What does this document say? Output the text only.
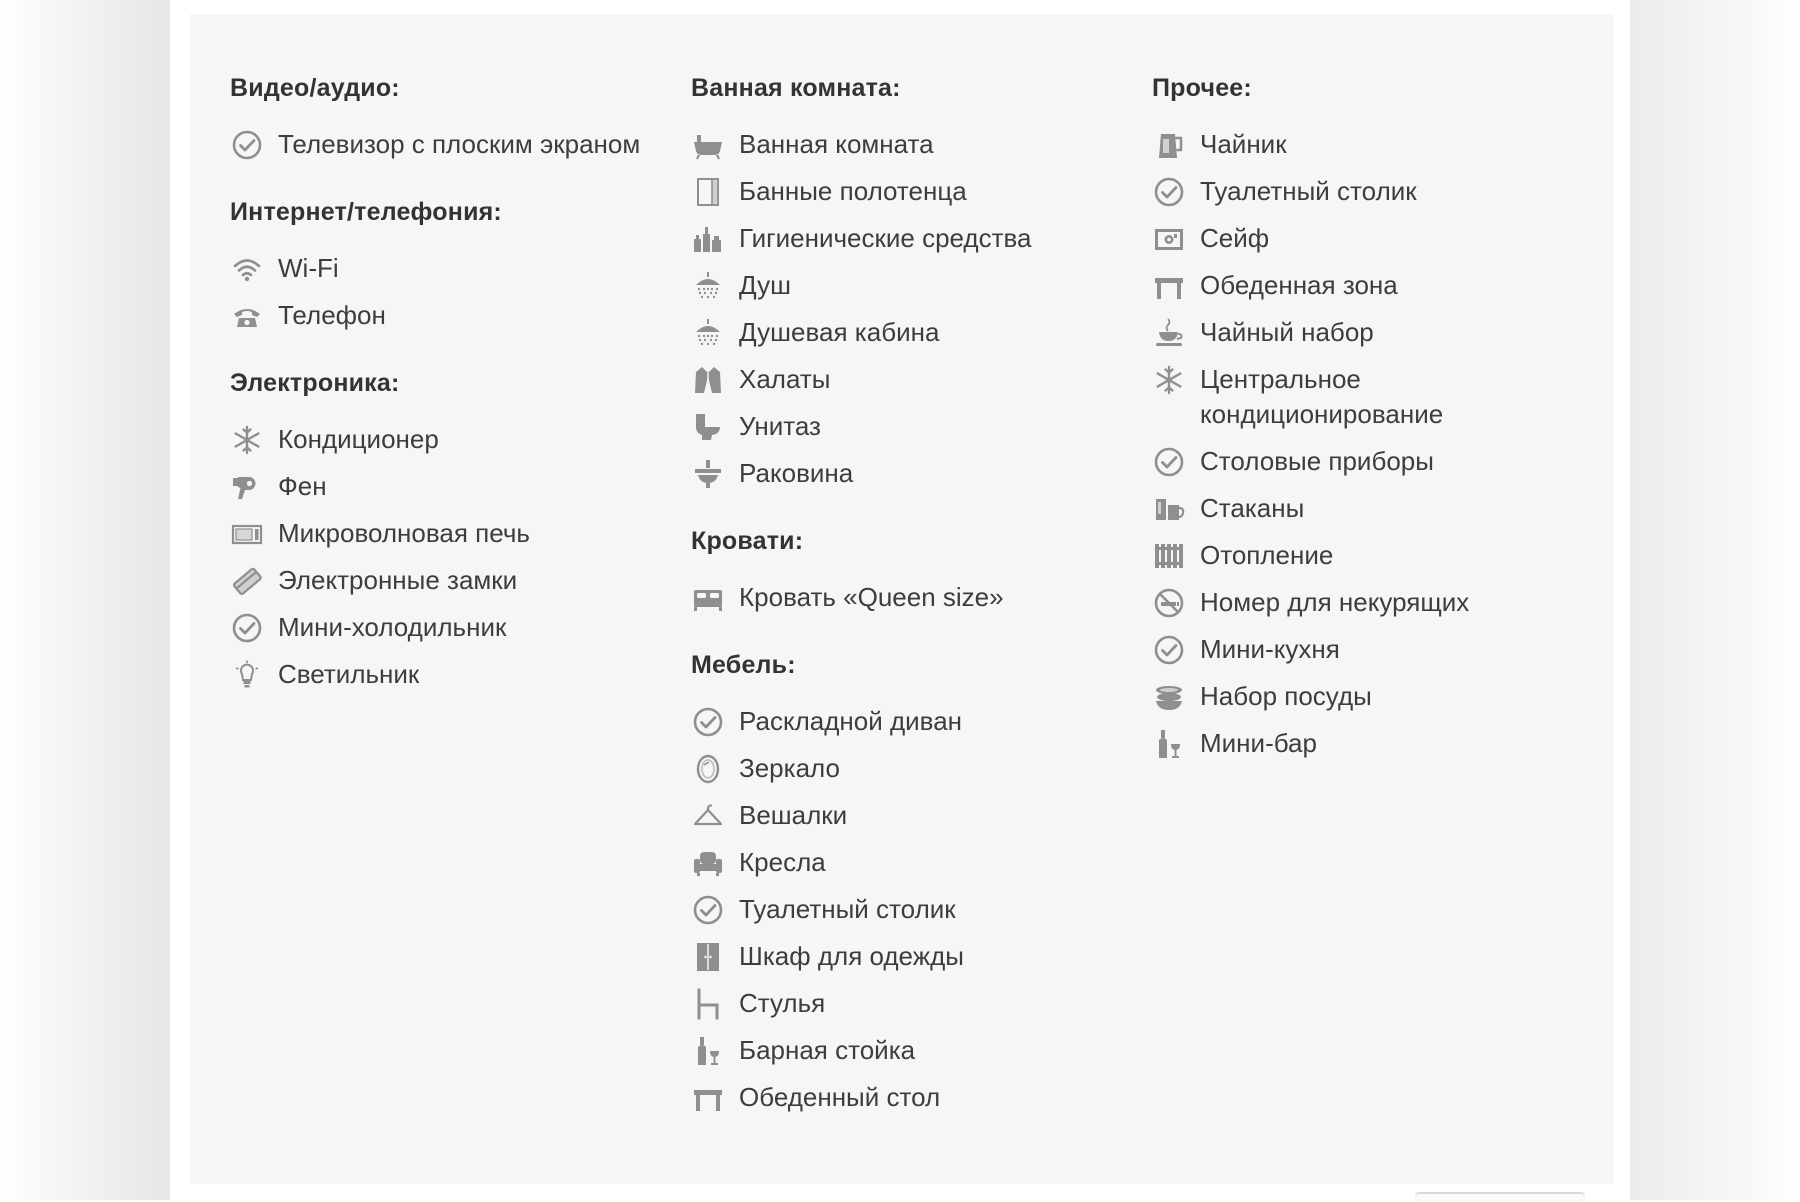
Видео/аудио:
Телевизор с плоским экраном
Интернет/телефония:
Wi-Fi
Телефон
Электроника:
Кондиционер
Фен
Микроволновая печь
Электронные замки
Мини-холодильник
Светильник
Ванная комната:
Ванная комната
Банные полотенца
Гигиенические средства
Душ
Душевая кабина
Халаты
Унитаз
Раковина
Кровати:
Кровать «Queen size»
Мебель:
Раскладной диван
Зеркало
Вешалки
Кресла
Туалетный столик
Шкаф для одежды
Стулья
Барная стойка
Обеденный стол
Прочее:
Чайник
Туалетный столик
Сейф
Обеденная зона
Чайный набор
Центральное кондиционирование
Столовые приборы
Стаканы
Отопление
Номер для некурящих
Мини-кухня
Набор посуды
Мини-бар
